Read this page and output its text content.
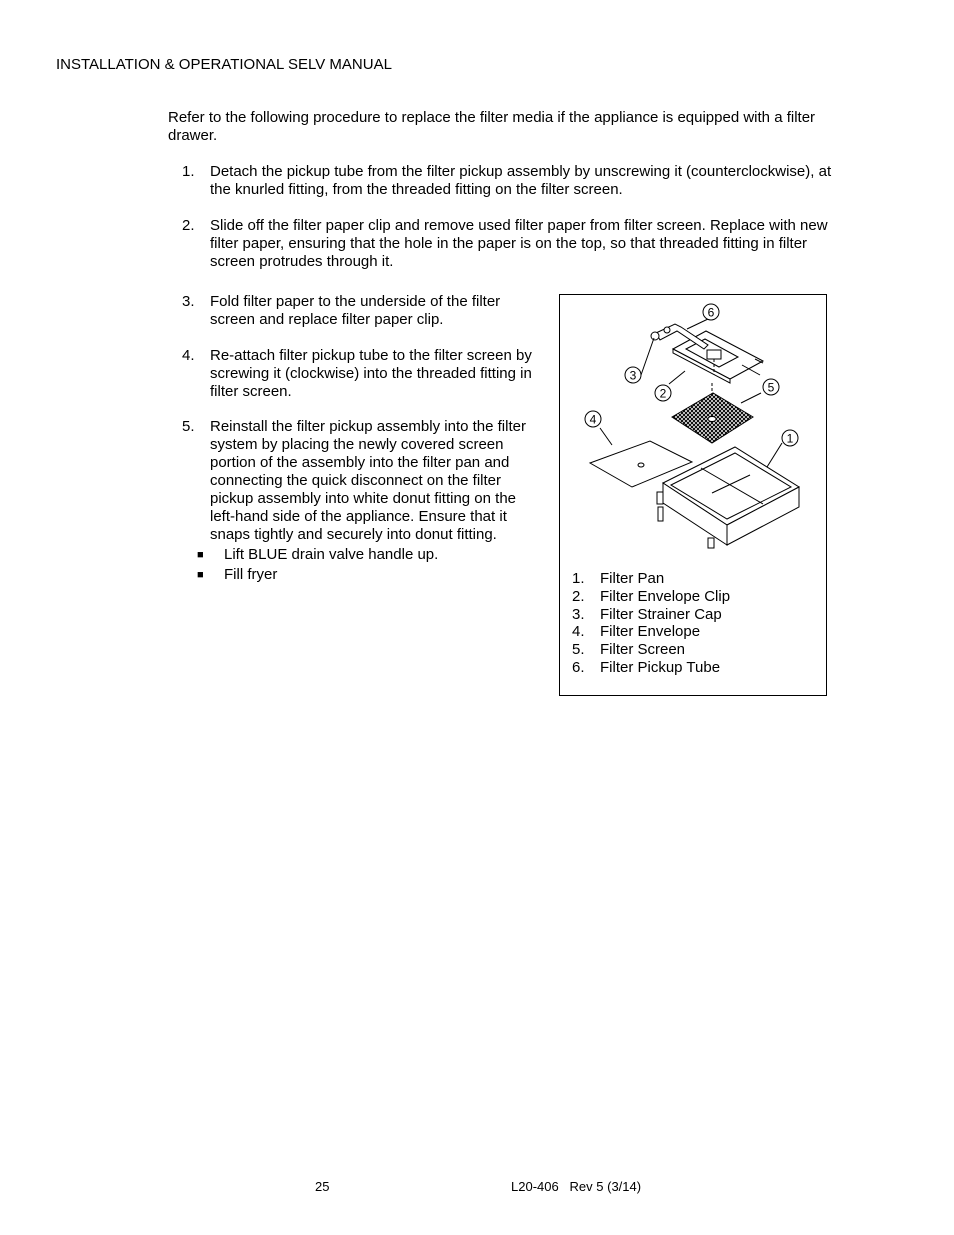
INSTALLATION & OPERATIONAL SELV MANUAL
Refer to the following procedure to replace the filter media if the appliance is equipped with a filter drawer.
1.	Detach the pickup tube from the filter pickup assembly by unscrewing it (counterclockwise), at the knurled fitting, from the threaded fitting on the filter screen.
2.	Slide off the filter paper clip and remove used filter paper from filter screen. Replace with new filter paper, ensuring that the hole in the paper is on the top, so that threaded fitting in filter screen protrudes through it.
3.	Fold filter paper to the underside of the filter screen and replace filter paper clip.
4.	Re-attach filter pickup tube to the filter screen by screwing it (clockwise) into the threaded fitting in filter screen.
5.	Reinstall the filter pickup assembly into the filter system by placing the newly covered screen portion of the assembly into the filter pan and connecting the quick disconnect on the filter pickup assembly into white donut fitting on the left-hand side of the appliance. Ensure that it snaps tightly and securely into donut fitting.
■ Lift BLUE drain valve handle up.
■ Fill fryer
6
3
2	5
4
1
1. Filter Pan
2. Filter Envelope Clip
3. Filter Strainer Cap
4. Filter Envelope
5. Filter Screen
6. Filter Pickup Tube
25	L20-406   Rev 5 (3/14)
